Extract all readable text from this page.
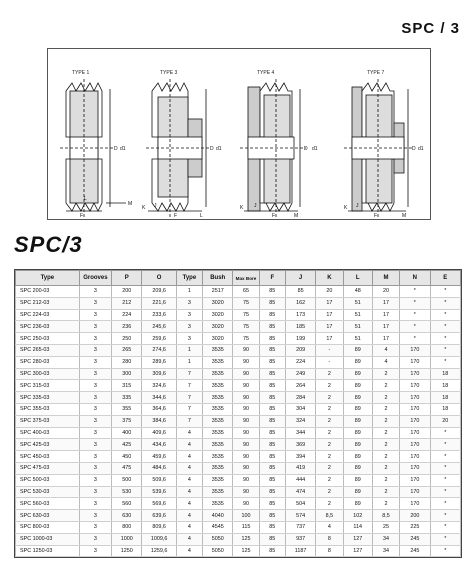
SPC / 3
TYPE 1
D d1
F
M
L
TYPE 3
D d1
K
F
J
L
TYPE 4
D d1
K
F	M
J
TYPE 7
D d1
K
F	M
J
SPC/3
Type	Grooves	P	O	Type	Bush	Max Bore	F	J	K	L	M	N	E
SPC 200-03	3	200	209,6	1	2517	65	85	85	20	48	20	*	*
SPC 212-03	3	212	221,6	3	3020	75	85	162	17	51	17	*	*
SPC 224-03	3	224	233,6	3	3020	75	85	173	17	51	17	*	*
SPC 236-03	3	236	245,6	3	3020	75	85	185	17	51	17	*	*
SPC 250-03	3	250	259,6	3	3020	75	85	199	17	51	17	*	*
SPC 265-03	3	265	274,6	1	3535	90	85	209	-	89	4	170	*
SPC 280-03	3	280	289,6	1	3535	90	85	224	-	89	4	170	*
SPC 300-03	3	300	309,6	7	3535	90	85	249	2	89	2	170	18
SPC 315-03	3	315	324,6	7	3535	90	85	264	2	89	2	170	18
SPC 335-03	3	335	344,6	7	3535	90	85	284	2	89	2	170	18
SPC 355-03	3	355	364,6	7	3535	90	85	304	2	89	2	170	18
SPC 375-03	3	375	384,6	7	3535	90	85	324	2	89	2	170	20
SPC 400-03	3	400	409,6	4	3535	90	85	344	2	89	2	170	*
SPC 425-03	3	425	434,6	4	3535	90	85	369	2	89	2	170	*
SPC 450-03	3	450	459,6	4	3535	90	85	394	2	89	2	170	*
SPC 475-03	3	475	484,6	4	3535	90	85	419	2	89	2	170	*
SPC 500-03	3	500	509,6	4	3535	90	85	444	2	89	2	170	*
SPC 530-03	3	530	539,6	4	3535	90	85	474	2	89	2	170	*
SPC 560-03	3	560	569,6	4	3535	90	85	504	2	89	2	170	*
SPC 630-03	3	630	639,6	4	4040	100	85	574	8,5	102	8,5	200	*
SPC 800-03	3	800	809,6	4	4545	115	85	737	4	114	25	225	*
SPC 1000-03	3	1000	1009,6	4	5050	125	85	937	8	127	34	245	*
SPC 1250-03	3	1250	1259,6	4	5050	125	85	1187	8	127	34	245	*
